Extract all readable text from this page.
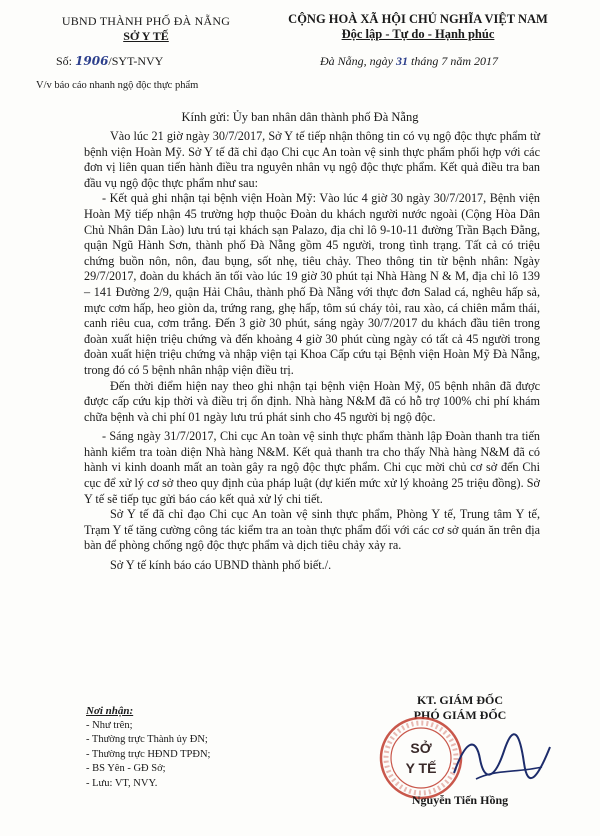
UBND THÀNH PHỐ ĐÀ NẴNG
SỞ Y TẾ
CỘNG HOÀ XÃ HỘI CHỦ NGHĨA VIỆT NAM
Độc lập - Tự do - Hạnh phúc
Số: 1906/SYT-NVY	Đà Nẵng, ngày 31 tháng 7 năm 2017
V/v báo cáo nhanh ngộ độc thực phẩm
Kính gửi: Ủy ban nhân dân thành phố Đà Nẵng

Vào lúc 21 giờ ngày 30/7/2017, Sở Y tế tiếp nhận thông tin có vụ ngộ độc thực phẩm từ bệnh viện Hoàn Mỹ. Sở Y tế đã chỉ đạo Chi cục An toàn vệ sinh thực phẩm phối hợp với các đơn vị liên quan tiến hành điều tra nguyên nhân vụ ngộ độc thực phẩm. Kết quả điều tra ban đầu vụ ngộ độc thực phẩm như sau:

- Kết quả ghi nhận tại bệnh viện Hoàn Mỹ: Vào lúc 4 giờ 30 ngày 30/7/2017, Bệnh viện Hoàn Mỹ tiếp nhận 45 trường hợp thuộc Đoàn du khách người nước ngoài (Cộng Hòa Dân Chủ Nhân Dân Lào) lưu trú tại khách sạn Palazo, địa chỉ lô 9-10-11 đường Trần Bạch Đằng, quận Ngũ Hành Sơn, thành phố Đà Nẵng gồm 45 người, trong tình trạng. Tất cả có triệu chứng buồn nôn, nôn, đau bụng, sốt nhẹ, tiêu chảy. Theo thông tin từ bệnh nhân: Ngày 29/7/2017, đoàn du khách ăn tối vào lúc 19 giờ 30 phút tại Nhà Hàng N & M, địa chỉ lô 139 – 141 Đường 2/9, quận Hải Châu, thành phố Đà Nẵng với thực đơn Salad cá, nghêu hấp sả, mực cơm hấp, heo giòn da, trứng rang, ghẹ hấp, tôm sú cháy tỏi, rau xào, cá chiên mắm thái, canh riêu cua, cơm trắng. Đến 3 giờ 30 phút, sáng ngày 30/7/2017 du khách đầu tiên trong đoàn xuất hiện triệu chứng và đến khoảng 4 giờ 30 phút cùng ngày có tất cả 45 người trong đoàn xuất hiện triệu chứng và nhập viện tại Khoa Cấp cứu tại Bệnh viện Hoàn Mỹ Đà Nẵng, trong đó có 5 bệnh nhân nhập viện điều trị.

Đến thời điểm hiện nay theo ghi nhận tại bệnh viện Hoàn Mỹ, 05 bệnh nhân đã được được cấp cứu kịp thời và điều trị ổn định. Nhà hàng N&M đã có hỗ trợ 100% chi phí khám chữa bệnh và chi phí 01 ngày lưu trú phát sinh cho 45 người bị ngộ độc.

- Sáng ngày 31/7/2017, Chi cục An toàn vệ sinh thực phẩm thành lập Đoàn thanh tra tiến hành kiểm tra toàn diện Nhà hàng N&M. Kết quả thanh tra cho thấy Nhà hàng N&M đã có hành vi kinh doanh mất an toàn gây ra ngộ độc thực phẩm. Chi cục mời chủ cơ sở đến Chi cục để xử lý cơ sở theo quy định của pháp luật (dự kiến mức xử lý khoảng 25 triệu đồng). Sở Y tế sẽ tiếp tục gửi báo cáo kết quả xử lý chi tiết.

Sở Y tế đã chỉ đạo Chi cục An toàn vệ sinh thực phẩm, Phòng Y tế, Trung tâm Y tế, Trạm Y tế tăng cường công tác kiểm tra an toàn thực phẩm đối với các cơ sở quán ăn trên địa bàn để phòng chống ngộ độc thực phẩm và dịch tiêu chảy xảy ra.

Sở Y tế kính báo cáo UBND thành phố biết./.

Nơi nhận:
- Như trên;
- Thường trực Thành ủy ĐN;
- Thường trực HĐND TPĐN;
- BS Yên - GĐ Sở;
- Lưu: VT, NVY.
KT. GIÁM ĐỐC
PHÓ GIÁM ĐỐC
SỞ
Y TẾ
Nguyễn Tiến Hồng
